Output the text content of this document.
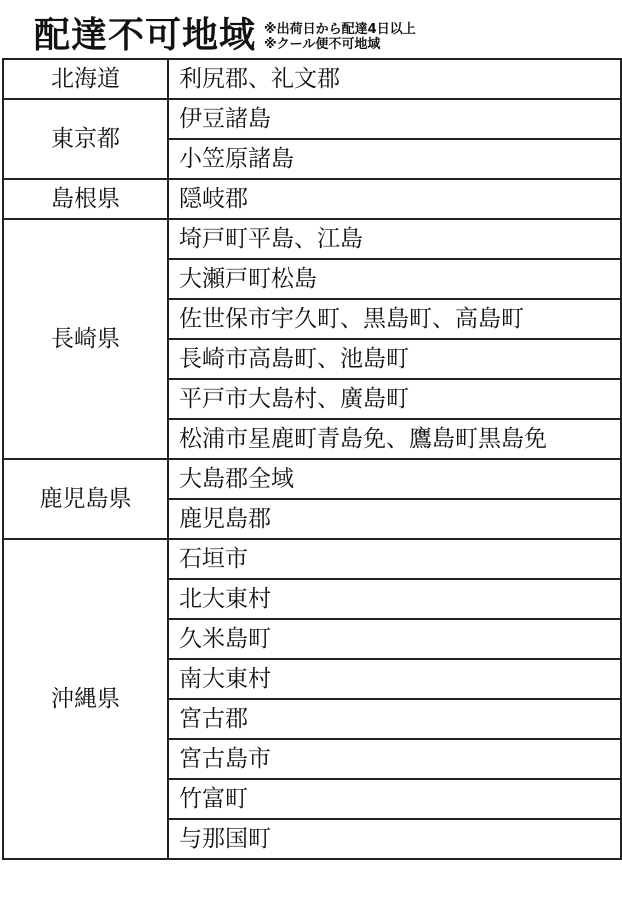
配達不可地域 ※出荷日から配達4日以上
※クール便不可地域
北海道	利尻郡、礼文郡
東京都	伊豆諸島
	小笠原諸島
島根県	隠岐郡
長崎県	埼戸町平島、江島
	大瀬戸町松島
	佐世保市宇久町、黒島町、高島町
	長崎市高島町、池島町
	平戸市大島村、廣島町
	松浦市星鹿町青島免、鷹島町黒島免
鹿児島県	大島郡全域
	鹿児島郡
沖縄県	石垣市
	北大東村
	久米島町
	南大東村
	宮古郡
	宮古島市
	竹富町
	与那国町
